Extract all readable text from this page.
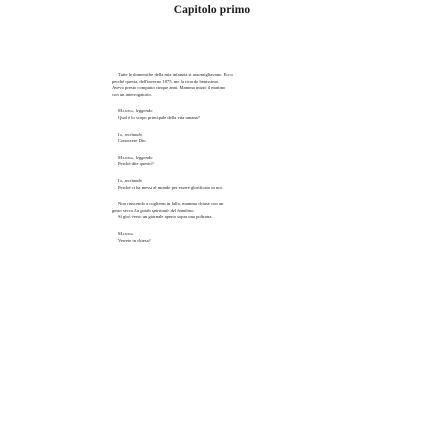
Capitolo primo

Tutte le domeniche della mia infanzia si assomigliavano. Ecco

perché questa, dell'inverno 1875, me la ricordo benissimo.

Avevo presto compiuto cinque anni. Mamma iniziò il mattino

con un interrogatorio.

Mamma, leggendo

Qual è lo scopo principale della vita umana?

Io, recitando

Conoscere Dio.

Mamma, leggendo

Perché dite questo?

Io, recitando

Perché ci ha messi al mondo per essere glorificato in noi.

Non riuscendo a coglierm in fallo, mamma chiuse con un

gesto secco La guida spirituale del bambino.

Si girò verso un giornale aperto sopra una poltrona.

Mamma

Verrete in chiesa?
